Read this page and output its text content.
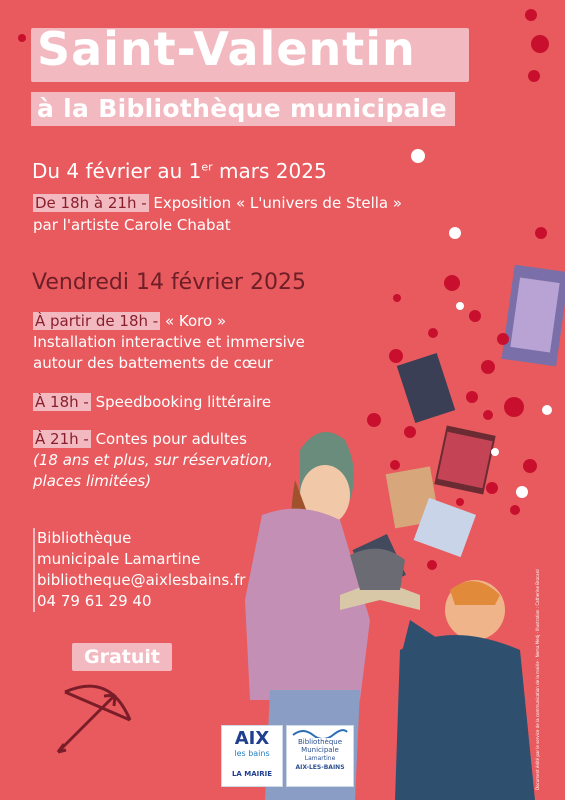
Saint-Valentin
à la Bibliothèque municipale
Du 4 février au 1er mars 2025
De 18h à 21h - Exposition « L'univers de Stella »
par l'artiste Carole Chabat
Vendredi 14 février 2025
À partir de 18h - « Koro »
Installation interactive et immersive
autour des battements de cœur
À 18h - Speedbooking littéraire
À 21h - Contes pour adultes
(18 ans et plus, sur réservation,
places limitées)
Bibliothèque
municipale Lamartine
bibliotheque@aixlesbains.fr
04 79 61 29 40
Gratuit
AIX
les bains
LA MAIRIE
Bibliothèque
Municipale
Lamartine
AIX-LES-BAINS	Document édité par le service de la communication de la mairie · Nema Medj · Illustration : Catherine Brocard
